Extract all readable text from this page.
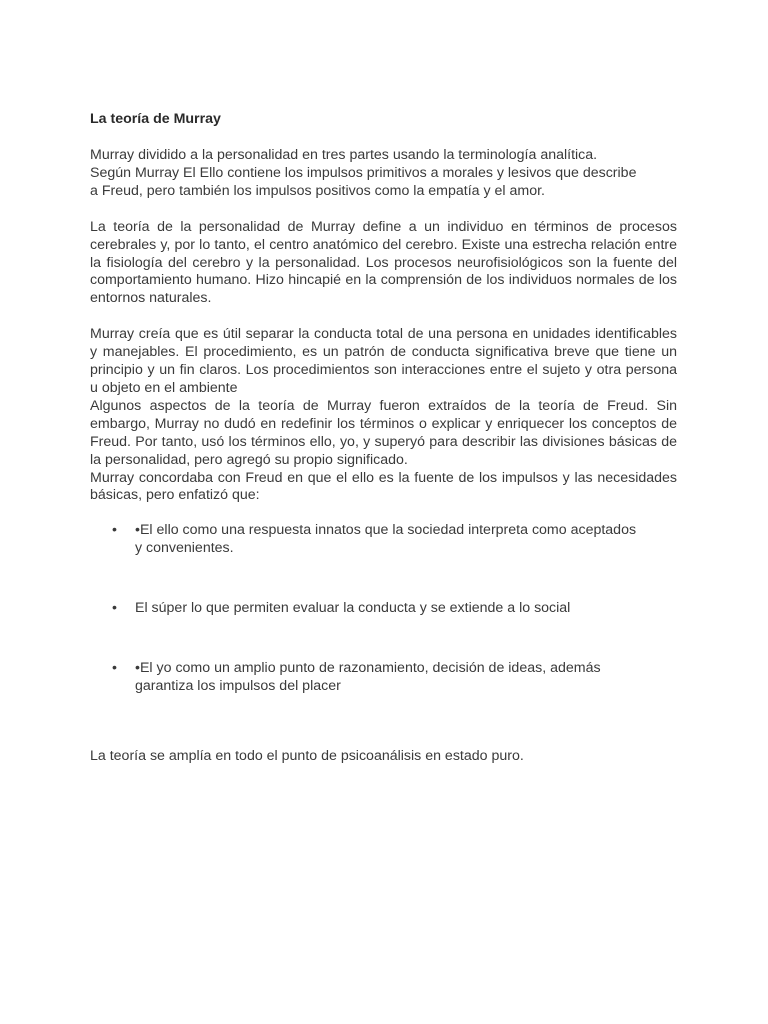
La teoría de Murray
Murray dividido a la personalidad en tres partes usando la terminología analítica.
Según Murray El Ello contiene los impulsos primitivos a morales y lesivos que describe
a Freud, pero también los impulsos positivos como la empatía y el amor.

La teoría de la personalidad de Murray define a un individuo en términos de procesos cerebrales y, por lo tanto, el centro anatómico del cerebro. Existe una estrecha relación entre la fisiología del cerebro y la personalidad. Los procesos neurofisiológicos son la fuente del comportamiento humano. Hizo hincapié en la comprensión de los individuos normales de los entornos naturales.

Murray creía que es útil separar la conducta total de una persona en unidades identificables y manejables. El procedimiento, es un patrón de conducta significativa breve que tiene un principio y un fin claros. Los procedimientos son interacciones entre el sujeto y otra persona u objeto en el ambiente

Algunos aspectos de la teoría de Murray fueron extraídos de la teoría de Freud. Sin embargo, Murray no dudó en redefinir los términos o explicar y enriquecer los conceptos de Freud. Por tanto, usó los términos ello, yo, y superyó para describir las divisiones básicas de la personalidad, pero agregó su propio significado.

Murray concordaba con Freud en que el ello es la fuente de los impulsos y las necesidades básicas, pero enfatizó que:

• •El ello como una respuesta innatos que la sociedad interpreta como aceptados
y convenientes.
• El súper lo que permiten evaluar la conducta y se extiende a lo social
• •El yo como un amplio punto de razonamiento, decisión de ideas, además
garantiza los impulsos del placer

La teoría se amplía en todo el punto de psicoanálisis en estado puro.
